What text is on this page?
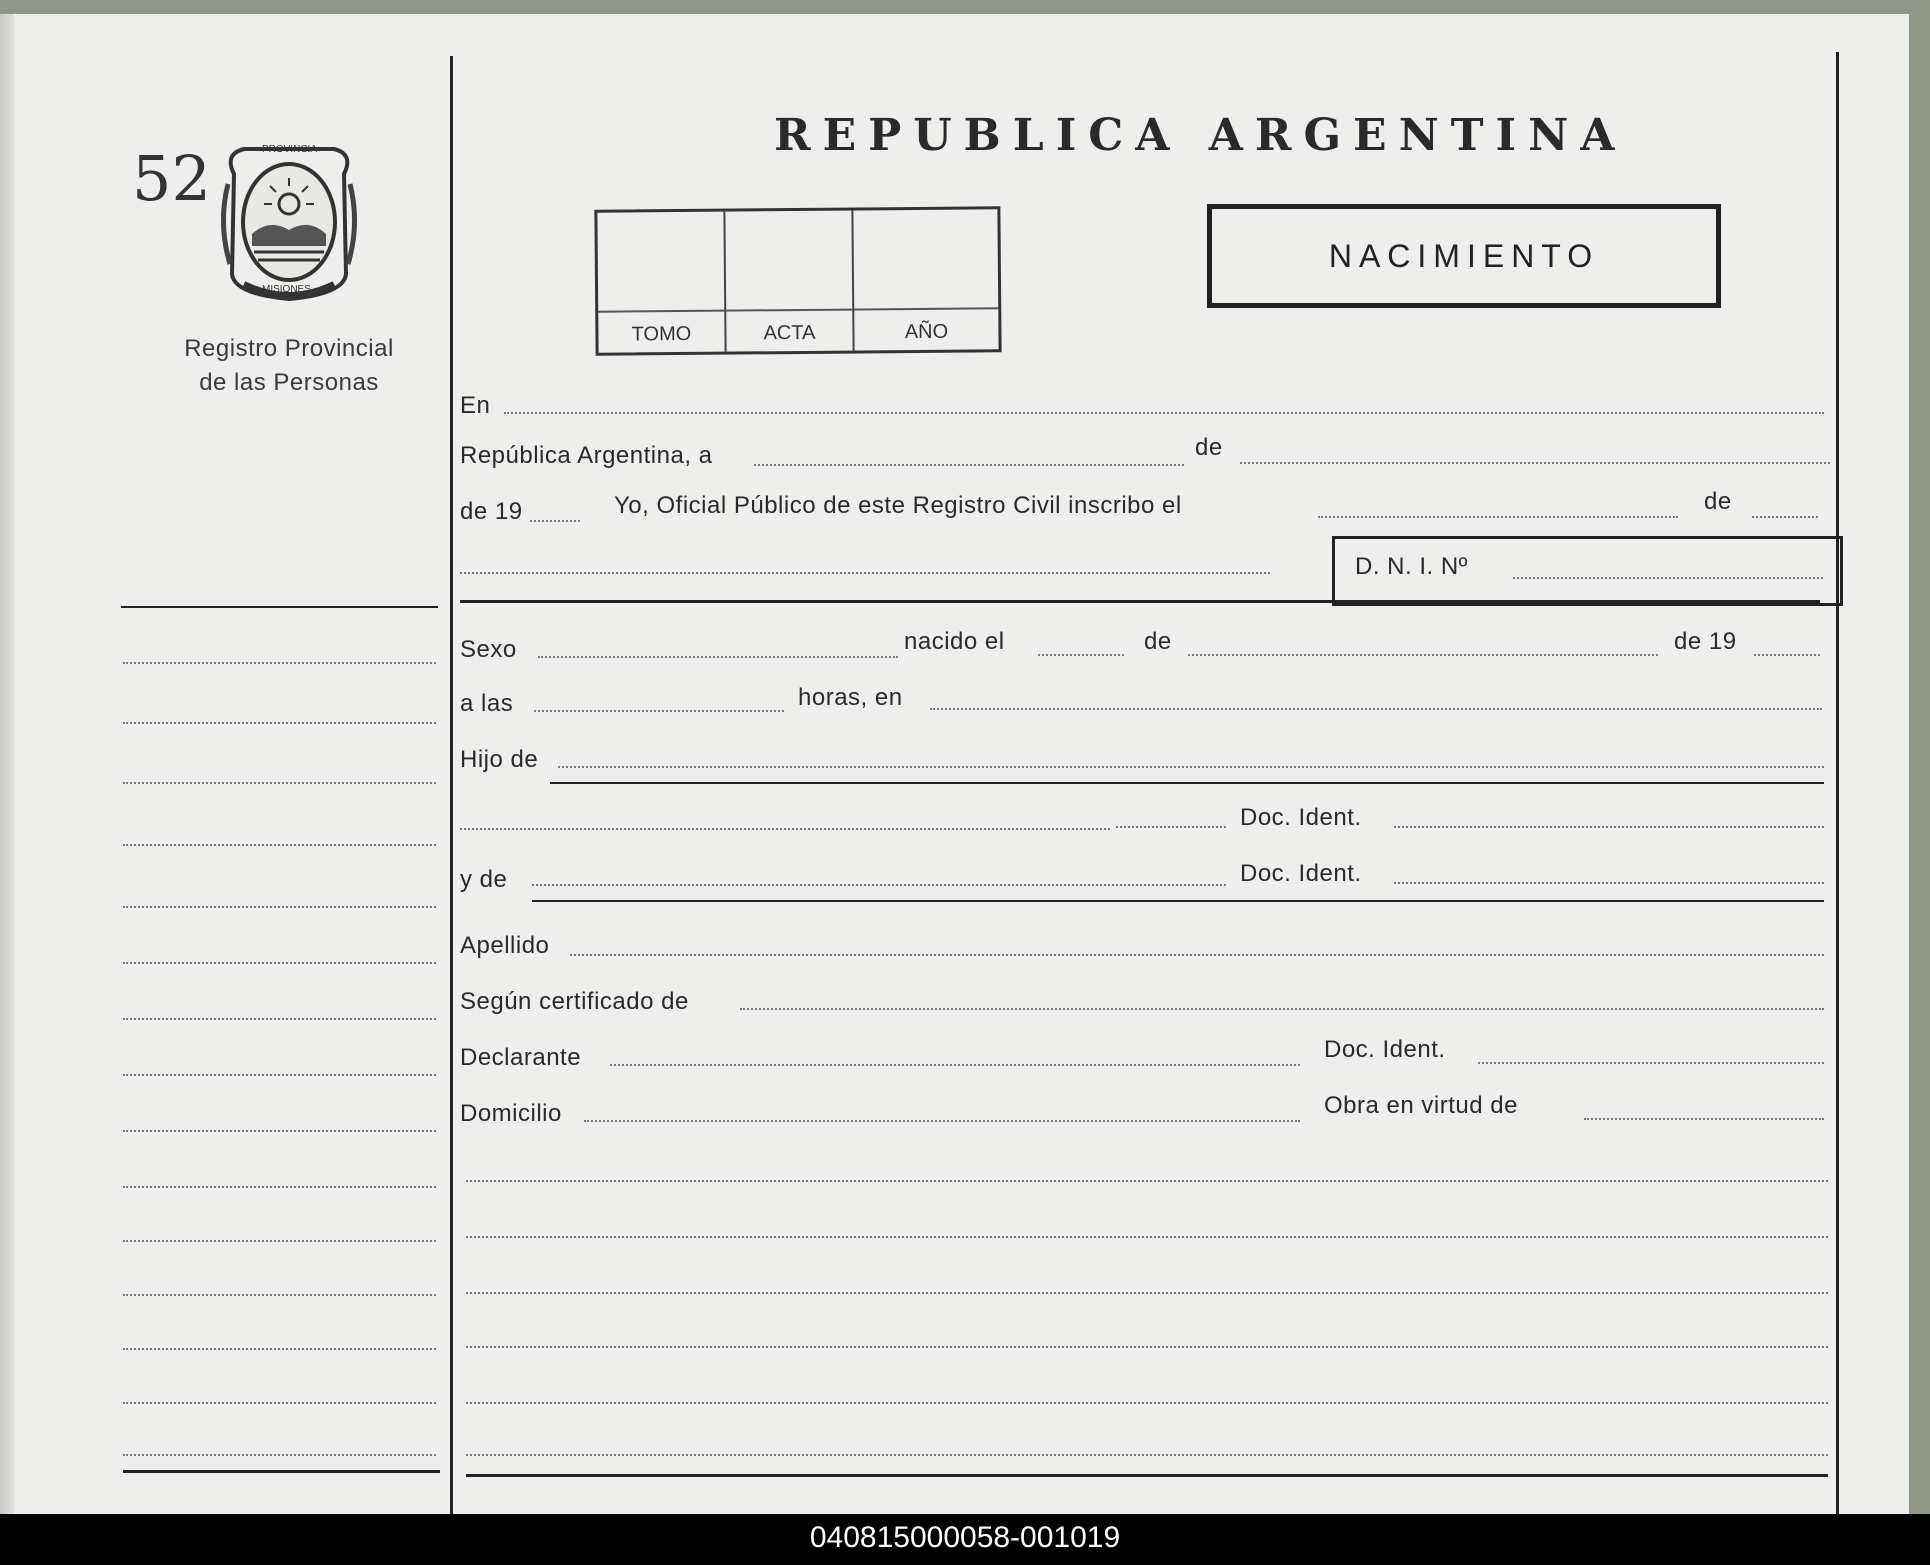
52	PROVINCIA
MISIONES
Registro Provincial
de las Personas
REPUBLICA ARGENTINA
TOMO	ACTA	AÑO
NACIMIENTO
En
República Argentina, a	de
de 19	Yo, Oficial Público de este Registro Civil inscribo el	de
D. N. I. Nº
Sexo	nacido el	de	de 19
a las	horas, en
Hijo de
Doc. Ident.
y de	Doc. Ident.
Apellido
Según certificado de
Declarante	Doc. Ident.
Domicilio	Obra en virtud de
040815000058-001019
